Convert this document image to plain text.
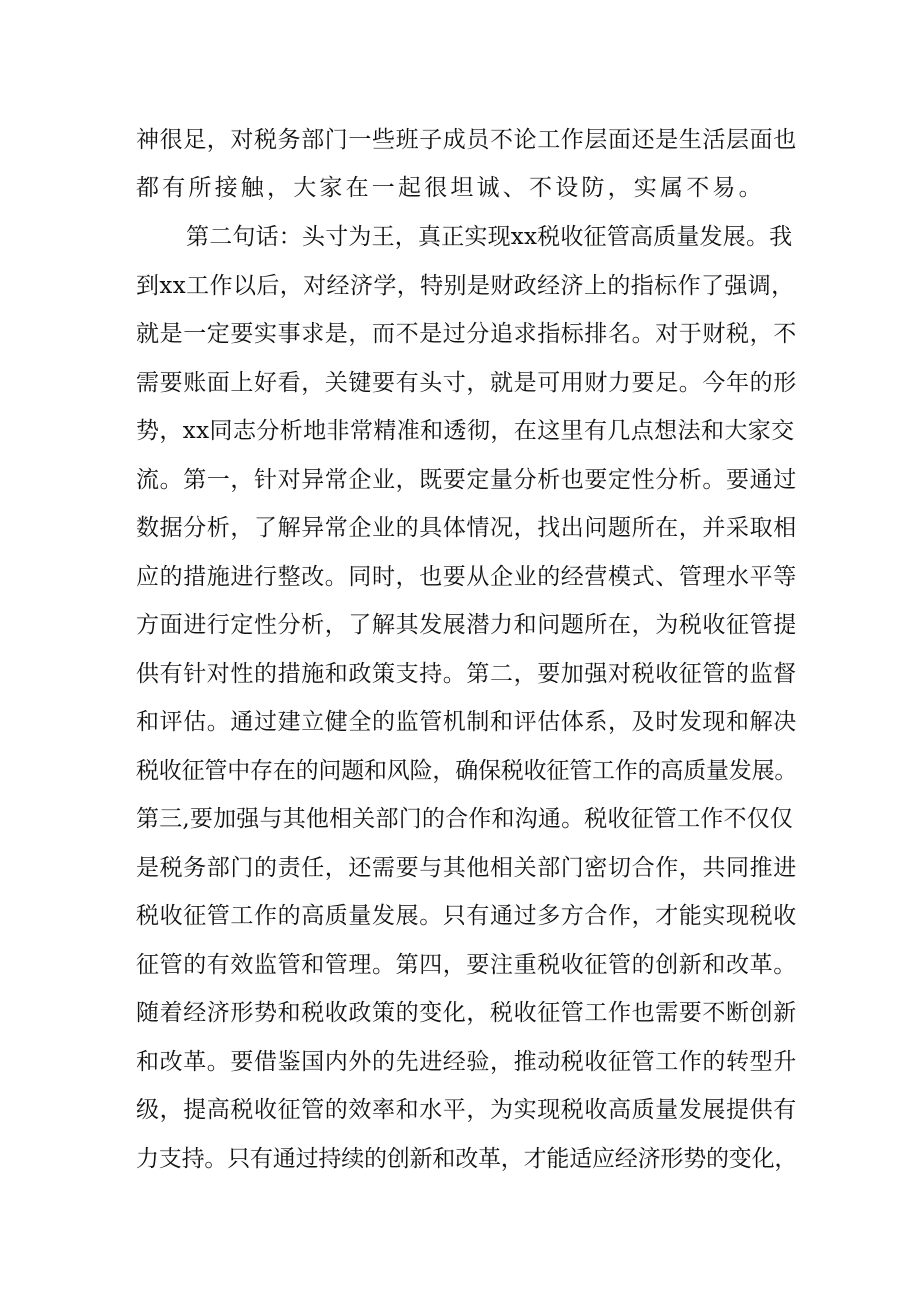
神很足，对税务部门一些班子成员不论工作层面还是生活层面也
都有所接触，大家在一起很坦诚、不设防，实属不易。
第二句话：头寸为王，真正实现xx税收征管高质量发展。我
到xx工作以后，对经济学，特别是财政经济上的指标作了强调，
就是一定要实事求是，而不是过分追求指标排名。对于财税，不
需要账面上好看，关键要有头寸，就是可用财力要足。今年的形
势，xx同志分析地非常精准和透彻，在这里有几点想法和大家交
流。第一，针对异常企业，既要定量分析也要定性分析。要通过
数据分析，了解异常企业的具体情况，找出问题所在，并采取相
应的措施进行整改。同时，也要从企业的经营模式、管理水平等
方面进行定性分析，了解其发展潜力和问题所在，为税收征管提
供有针对性的措施和政策支持。第二，要加强对税收征管的监督
和评估。通过建立健全的监管机制和评估体系，及时发现和解决
税收征管中存在的问题和风险，确保税收征管工作的高质量发展。
第三,要加强与其他相关部门的合作和沟通。税收征管工作不仅仅
是税务部门的责任，还需要与其他相关部门密切合作，共同推进
税收征管工作的高质量发展。只有通过多方合作，才能实现税收
征管的有效监管和管理。第四，要注重税收征管的创新和改革。
随着经济形势和税收政策的变化，税收征管工作也需要不断创新
和改革。要借鉴国内外的先进经验，推动税收征管工作的转型升
级，提高税收征管的效率和水平，为实现税收高质量发展提供有
力支持。只有通过持续的创新和改革，才能适应经济形势的变化，
